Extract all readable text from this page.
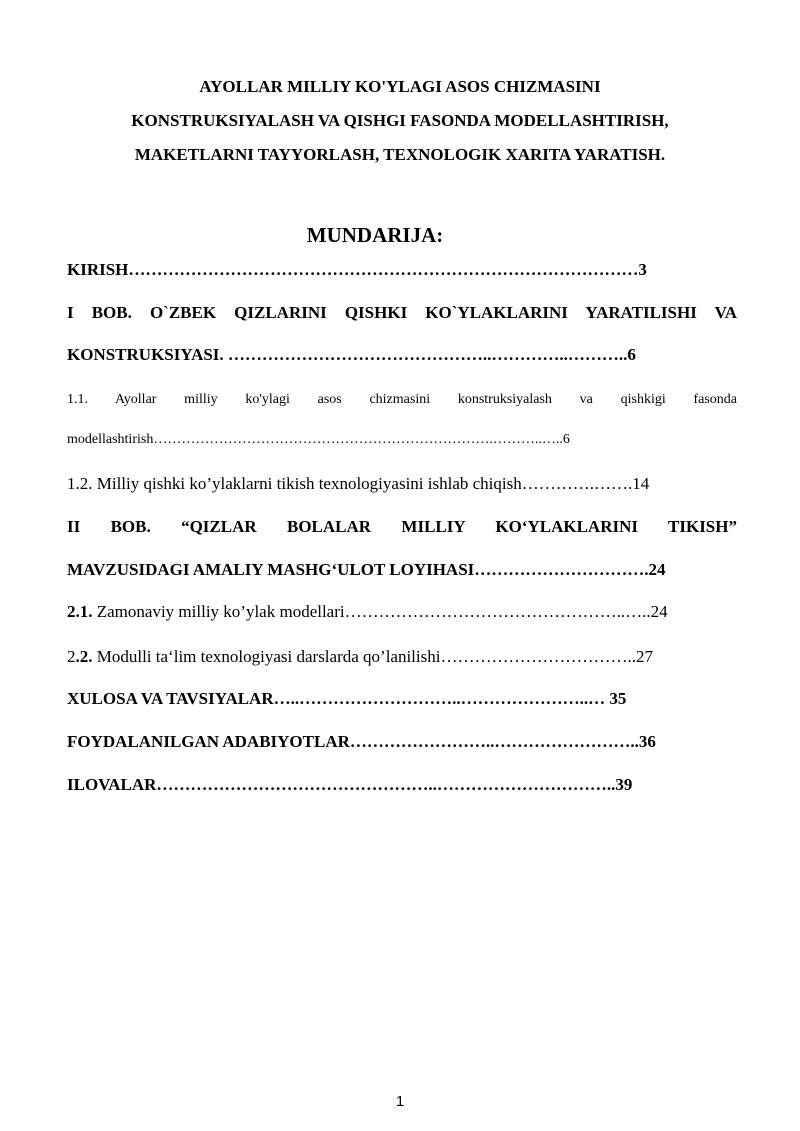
AYOLLAR MILLIY KO'YLAGI ASOS CHIZMASINI
KONSTRUKSIYALASH VA QISHGI FASONDA MODELLASHTIRISH,
MAKETLARNI TAYYORLASH, TEXNOLOGIK XARITA YARATISH.
MUNDARIJA:
KIRISH………………………………………………………………………………3
I BOB. O`ZBEK QIZLARINI QISHKI KO`YLAKLARINI YARATILISHI VA
KONSTRUKSIYASI. ………………………………………..…………..………..6
1.1. Ayollar milliy ko'ylagi asos chizmasini konstruksiyalash va qishkigi fasonda
modellashtirish……………………………………………………………….………..…..6
1.2. Milliy qishki ko’ylaklarni tikish texnologiyasini ishlab chiqish………….…….14
II BOB. “QIZLAR BOLALAR MILLIY KO‘YLAKLARINI TIKISH”
MAVZUSIDAGI AMALIY MASHG‘ULOT LOYIHASI………………………….24
2.1. Zamonaviy milliy ko’ylak modellari…………………………………………..…..24
2.2. Modulli ta‘lim texnologiyasi darslarda qo’lanilishi……………………………..27
XULOSA VA TAVSIYALAR…..………………………..…………………..… 35
FOYDALANILGAN ADABIYOTLAR……………………..……………………..36
ILOVALAR…………………………………………..…………………………..39
1
